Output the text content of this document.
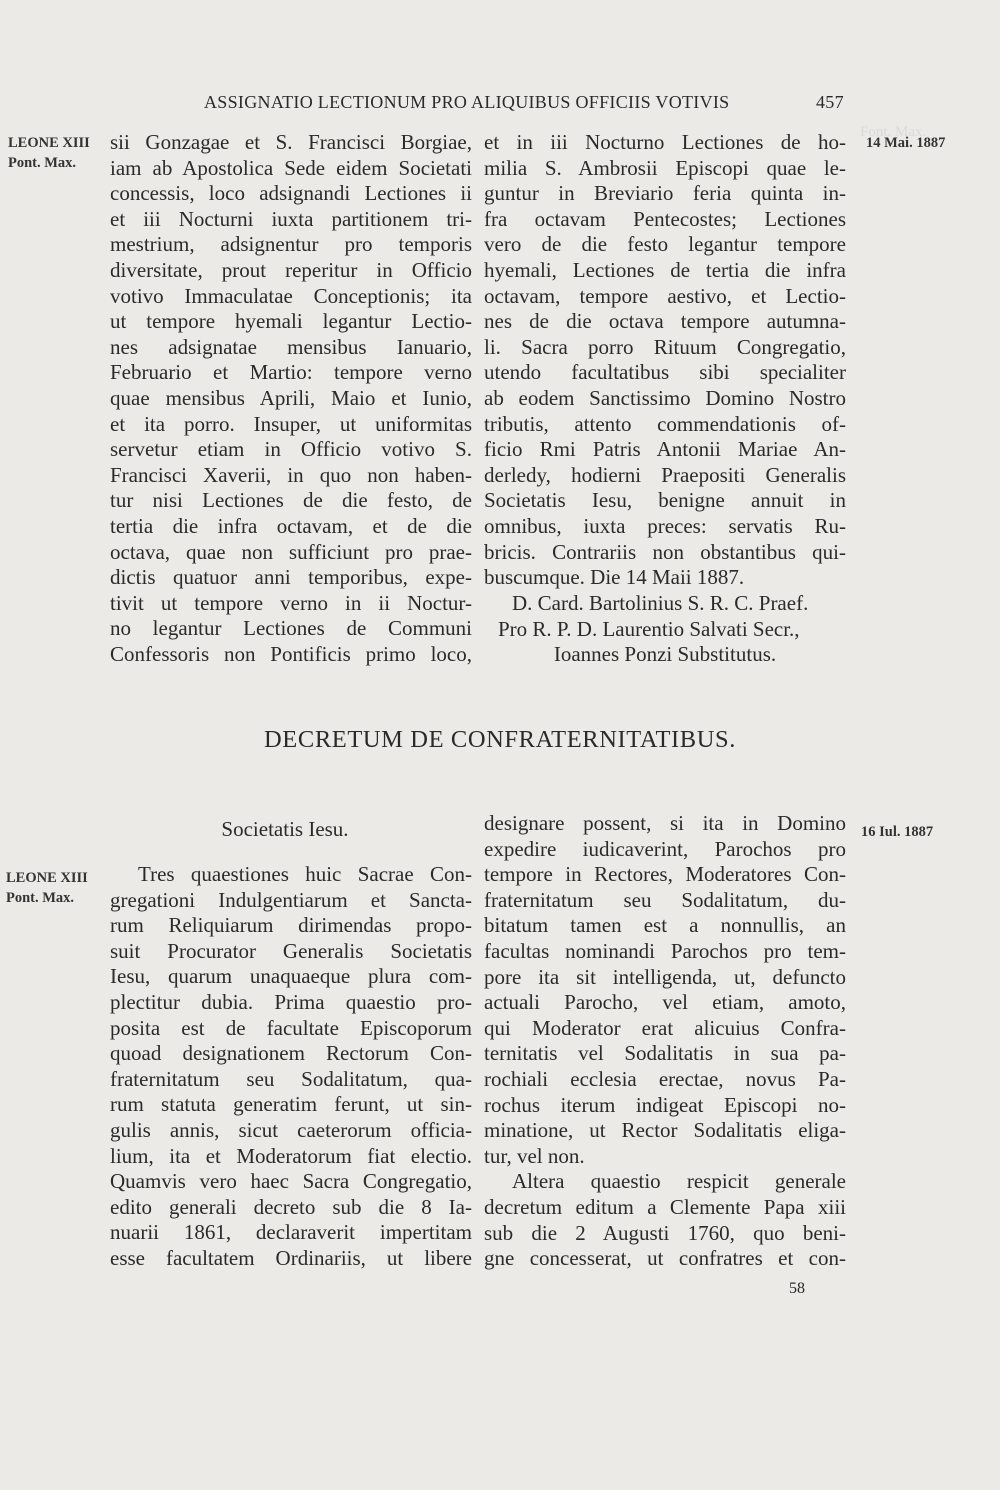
Font. Max.
ASSIGNATIO LECTIONUM PRO ALIQUIBUS OFFICIIS VOTIVIS	457
LEONE XIII
Pont. Max.
14 Mai. 1887
LEONE XIII
Pont. Max.
16 Iul. 1887
sii Gonzagae et S. Francisci Borgiae,
iam ab Apostolica Sede eidem Societati
concessis, loco adsignandi Lectiones ii
et iii Nocturni iuxta partitionem tri-
mestrium, adsignentur pro temporis
diversitate, prout reperitur in Officio
votivo Immaculatae Conceptionis; ita
ut tempore hyemali legantur Lectio-
nes adsignatae mensibus Ianuario,
Februario et Martio: tempore verno
quae mensibus Aprili, Maio et Iunio,
et ita porro. Insuper, ut uniformitas
servetur etiam in Officio votivo S.
Francisci Xaverii, in quo non haben-
tur nisi Lectiones de die festo, de
tertia die infra octavam, et de die
octava, quae non sufficiunt pro prae-
dictis quatuor anni temporibus, expe-
tivit ut tempore verno in ii Noctur-
no legantur Lectiones de Communi
Confessoris non Pontificis primo loco,
et in iii Nocturno Lectiones de ho-
milia S. Ambrosii Episcopi quae le-
guntur in Breviario feria quinta in-
fra octavam Pentecostes; Lectiones
vero de die festo legantur tempore
hyemali, Lectiones de tertia die infra
octavam, tempore aestivo, et Lectio-
nes de die octava tempore autumna-
li. Sacra porro Rituum Congregatio,
utendo facultatibus sibi specialiter
ab eodem Sanctissimo Domino Nostro
tributis, attento commendationis of-
ficio Rmi Patris Antonii Mariae An-
derledy, hodierni Praepositi Generalis
Societatis Iesu, benigne annuit in
omnibus, iuxta preces: servatis Ru-
bricis. Contrariis non obstantibus qui-
buscumque. Die 14 Maii 1887.
D. Card. Bartolinius S. R. C. Praef.
Pro R. P. D. Laurentio Salvati Secr.,
Ioannes Ponzi Substitutus.
DECRETUM DE CONFRATERNITATIBUS.
Societatis Iesu.
Tres quaestiones huic Sacrae Con-
gregationi Indulgentiarum et Sancta-
rum Reliquiarum dirimendas propo-
suit Procurator Generalis Societatis
Iesu, quarum unaquaeque plura com-
plectitur dubia. Prima quaestio pro-
posita est de facultate Episcoporum
quoad designationem Rectorum Con-
fraternitatum seu Sodalitatum, qua-
rum statuta generatim ferunt, ut sin-
gulis annis, sicut caeterorum officia-
lium, ita et Moderatorum fiat electio.
Quamvis vero haec Sacra Congregatio,
edito generali decreto sub die 8 Ia-
nuarii 1861, declaraverit impertitam
esse facultatem Ordinariis, ut libere
designare possent, si ita in Domino
expedire iudicaverint, Parochos pro
tempore in Rectores, Moderatores Con-
fraternitatum seu Sodalitatum, du-
bitatum tamen est a nonnullis, an
facultas nominandi Parochos pro tem-
pore ita sit intelligenda, ut, defuncto
actuali Parocho, vel etiam, amoto,
qui Moderator erat alicuius Confra-
ternitatis vel Sodalitatis in sua pa-
rochiali ecclesia erectae, novus Pa-
rochus iterum indigeat Episcopi no-
minatione, ut Rector Sodalitatis eliga-
tur, vel non.
Altera quaestio respicit generale
decretum editum a Clemente Papa xiii
sub die 2 Augusti 1760, quo beni-
gne concesserat, ut confratres et con-
58
